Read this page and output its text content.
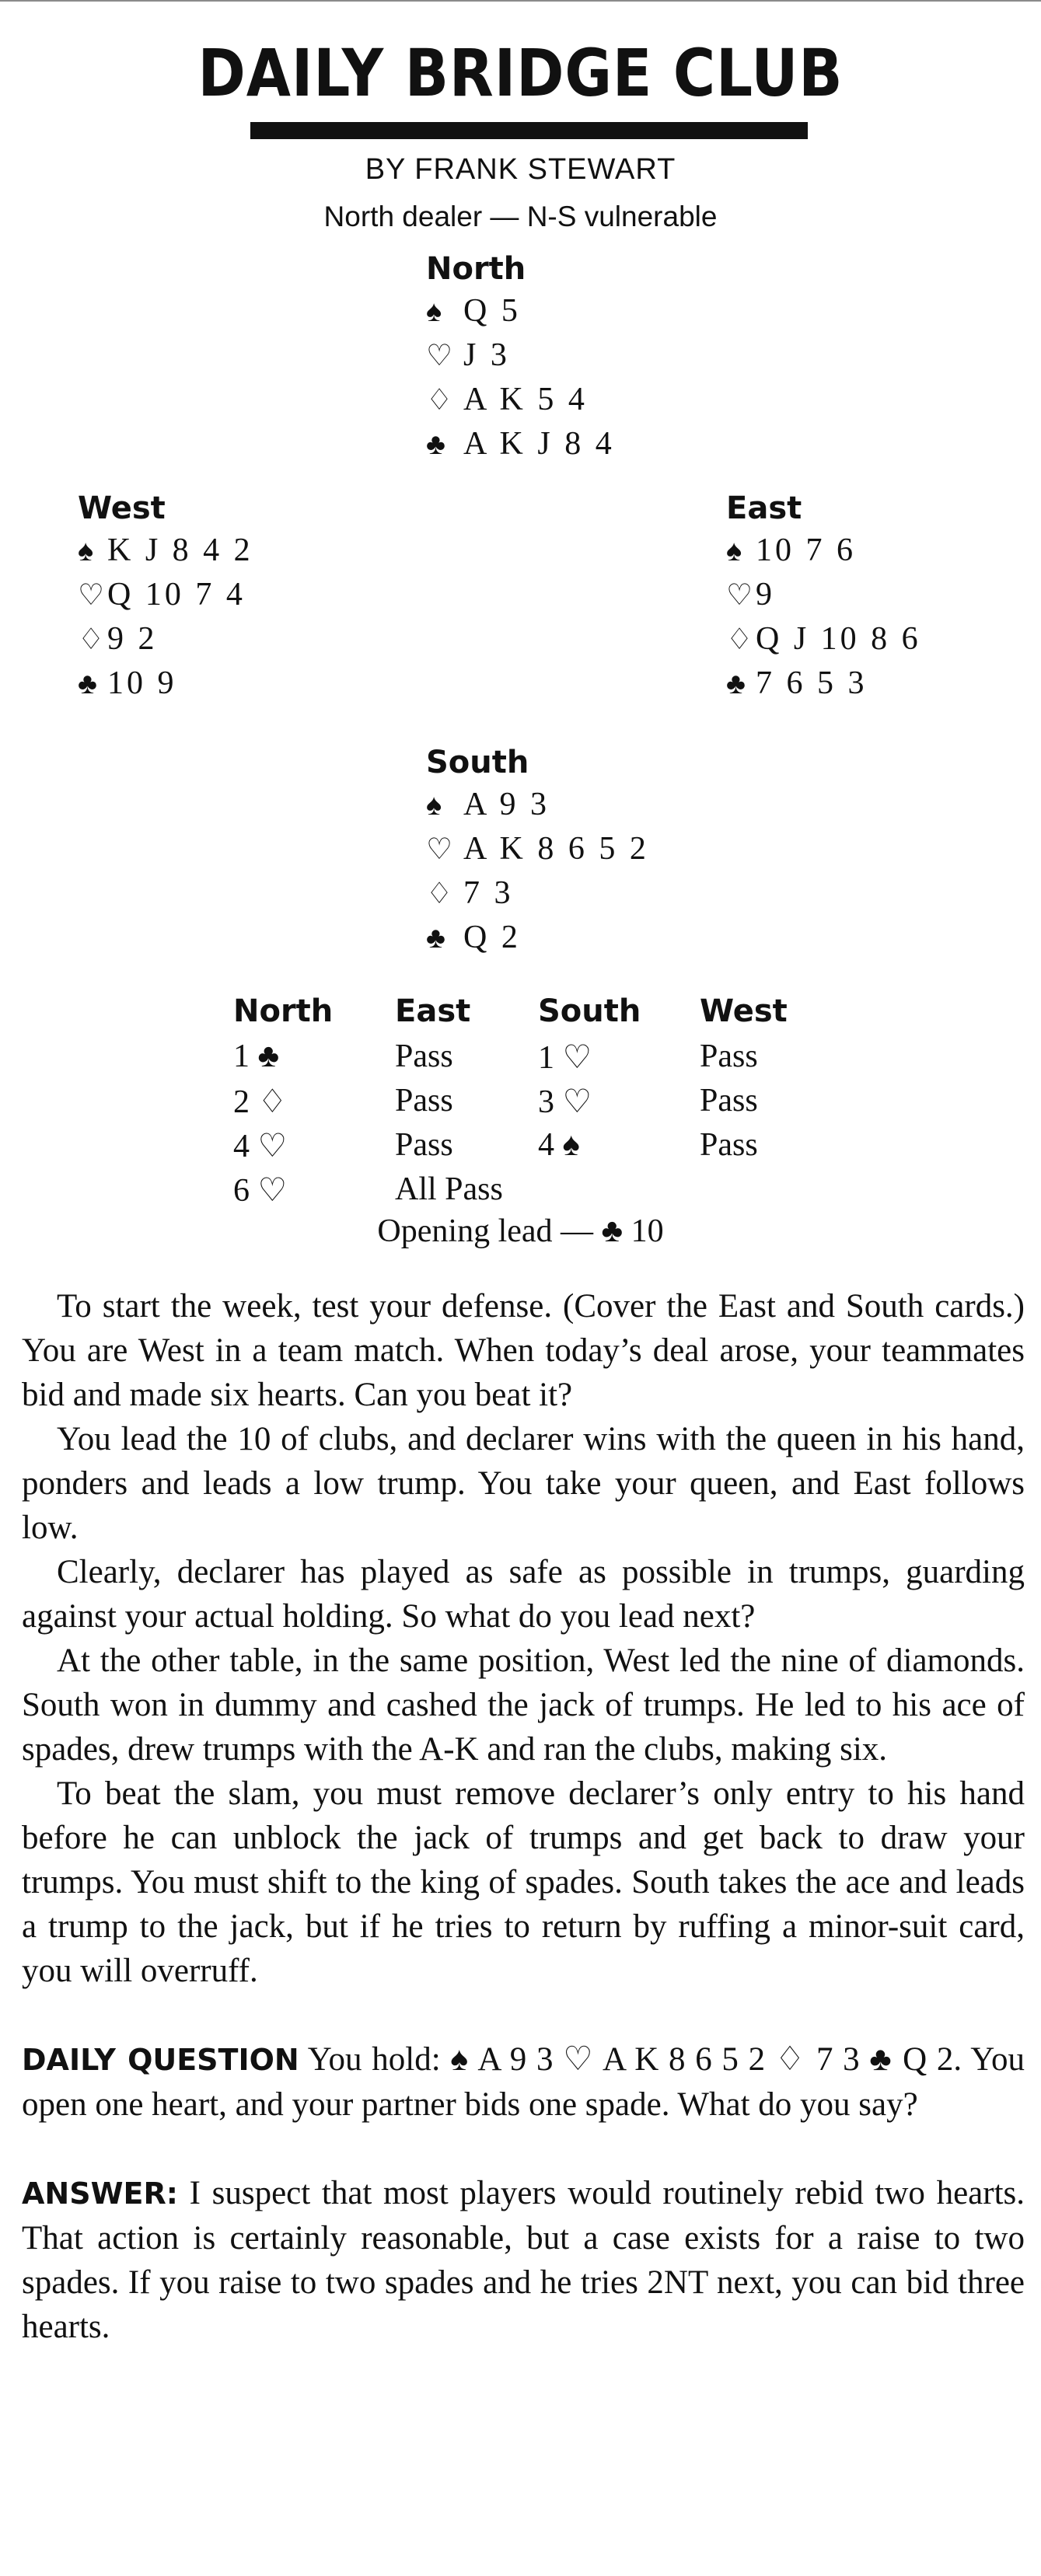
DAILY BRIDGE CLUB
BY FRANK STEWART
North dealer — N-S vulnerable
North
♠ Q 5
♡ J 3
♢ A K 5 4
♣ A K J 8 4
West
♠ K J 8 4 2
♡Q 10 7 4
♢9 2
♣ 10 9
East
♠ 10 7 6
♡9
♢Q J 10 8 6
♣ 7 6 5 3
South
♠ A 9 3
♡ A K 8 6 5 2
♢ 7 3
♣ Q 2
North East South West
1 ♣	Pass	1 ♡	Pass
2 ♢	Pass	3 ♡	Pass
4 ♡	Pass	4 ♠	Pass
6 ♡	All Pass
Opening lead — ♣ 10

To start the week, test your defense. (Cover the East and South cards.) You are West in a team match. When today’s deal arose, your teammates bid and made six hearts. Can you beat it?

You lead the 10 of clubs, and declarer wins with the queen in his hand, ponders and leads a low trump. You take your queen, and East follows low.

Clearly, declarer has played as safe as possible in trumps, guarding against your actual holding. So what do you lead next?

At the other table, in the same position, West led the nine of diamonds. South won in dummy and cashed the jack of trumps. He led to his ace of spades, drew trumps with the A-K and ran the clubs, making six.

To beat the slam, you must remove declarer’s only entry to his hand before he can unblock the jack of trumps and get back to draw your trumps. You must shift to the king of spades. South takes the ace and leads a trump to the jack, but if he tries to return by ruffing a minor-suit card, you will overruff.

DAILY QUESTION You hold: ♠ A 9 3 ♡ A K 8 6 5 2 ♢ 7 3 ♣ Q 2. You open one heart, and your partner bids one spade. What do you say?

ANSWER: I suspect that most players would routinely rebid two hearts. That action is certainly reasonable, but a case exists for a raise to two spades. If you raise to two spades and he tries 2NT next, you can bid three hearts.
